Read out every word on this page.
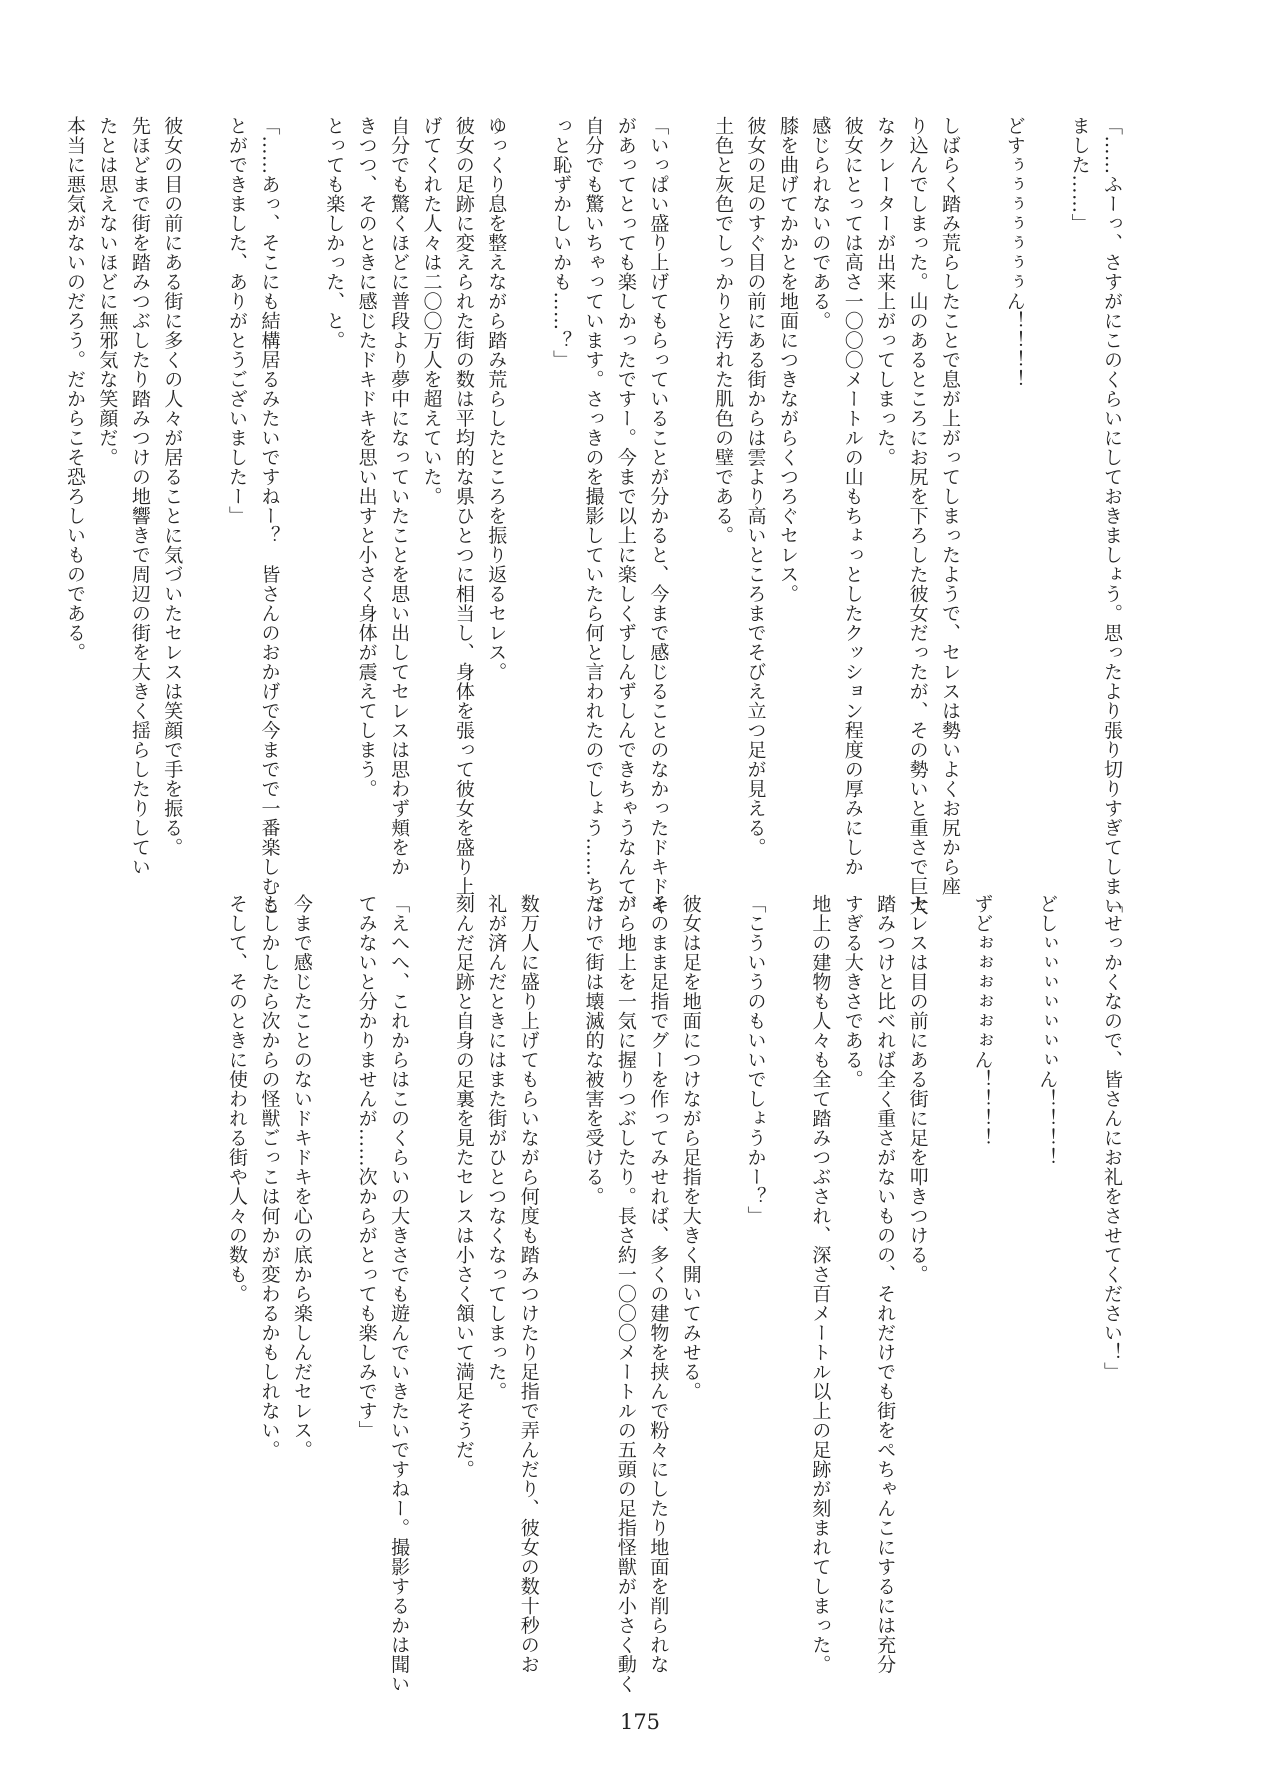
「……ふーっ、さすがにこのくらいにしておきましょう。思ったより張り切りすぎてしまい
ました……」

どすぅぅぅぅぅぅぅん！！！！

しばらく踏み荒らしたことで息が上がってしまったようで、セレスは勢いよくお尻から座
り込んでしまった。山のあるところにお尻を下ろした彼女だったが、その勢いと重さで巨大
なクレーターが出来上がってしまった。
彼女にとっては高さ一〇〇〇メートルの山もちょっとしたクッション程度の厚みにしか
感じられないのである。
膝を曲げてかかとを地面につきながらくつろぐセレス。
彼女の足のすぐ目の前にある街からは雲より高いところまでそびえ立つ足が見える。
土色と灰色でしっかりと汚れた肌色の壁である。

「いっぱい盛り上げてもらっていることが分かると、今まで感じることのなかったドキドキ
があってとっても楽しかったですー。今まで以上に楽しくずしんずしんできちゃうなんて、
自分でも驚いちゃっています。さっきのを撮影していたら何と言われたのでしょう……ちょ
っと恥ずかしいかも……？」

ゆっくり息を整えながら踏み荒らしたところを振り返るセレス。
彼女の足跡に変えられた街の数は平均的な県ひとつに相当し、身体を張って彼女を盛り上
げてくれた人々は二〇〇万人を超えていた。
自分でも驚くほどに普段より夢中になっていたことを思い出してセレスは思わず頬をか
きつつ、そのときに感じたドキドキを思い出すと小さく身体が震えてしまう。
とっても楽しかった、と。

「……あっ、そこにも結構居るみたいですねー？　皆さんのおかげで今までで一番楽しむこ
とができました、ありがとうございましたー」

彼女の目の前にある街に多くの人々が居ることに気づいたセレスは笑顔で手を振る。
先ほどまで街を踏みつぶしたり踏みつけの地響きで周辺の街を大きく揺らしたりしてい
たとは思えないほどに無邪気な笑顔だ。
本当に悪気がないのだろう。だからこそ恐ろしいものである。
「せっかくなので、皆さんにお礼をさせてください！」

どしぃぃぃぃぃぃぃん！！！！

ずどぉぉぉぉぉぉん！！！！

セレスは目の前にある街に足を叩きつける。
踏みつけと比べれば全く重さがないものの、それだけでも街をぺちゃんこにするには充分
すぎる大きさである。
地上の建物も人々も全て踏みつぶされ、深さ百メートル以上の足跡が刻まれてしまった。

「こういうのもいいでしょうかー？」

彼女は足を地面につけながら足指を大きく開いてみせる。
そのまま足指でグーを作ってみせれば、多くの建物を挟んで粉々にしたり地面を削られな
がら地上を一気に握りつぶしたり。長さ約一〇〇〇メートルの五頭の足指怪獣が小さく動く
だけで街は壊滅的な被害を受ける。

数万人に盛り上げてもらいながら何度も踏みつけたり足指で弄んだり、彼女の数十秒のお
礼が済んだときにはまた街がひとつなくなってしまった。
刻んだ足跡と自身の足裏を見たセレスは小さく頷いて満足そうだ。

「えへへ、これからはこのくらいの大きさでも遊んでいきたいですねー。撮影するかは聞い
てみないと分かりませんが……次からがとっても楽しみです」

今まで感じたことのないドキドキを心の底から楽しんだセレス。
もしかしたら次からの怪獣ごっこは何かが変わるかもしれない。
そして、そのときに使われる街や人々の数も。

175
